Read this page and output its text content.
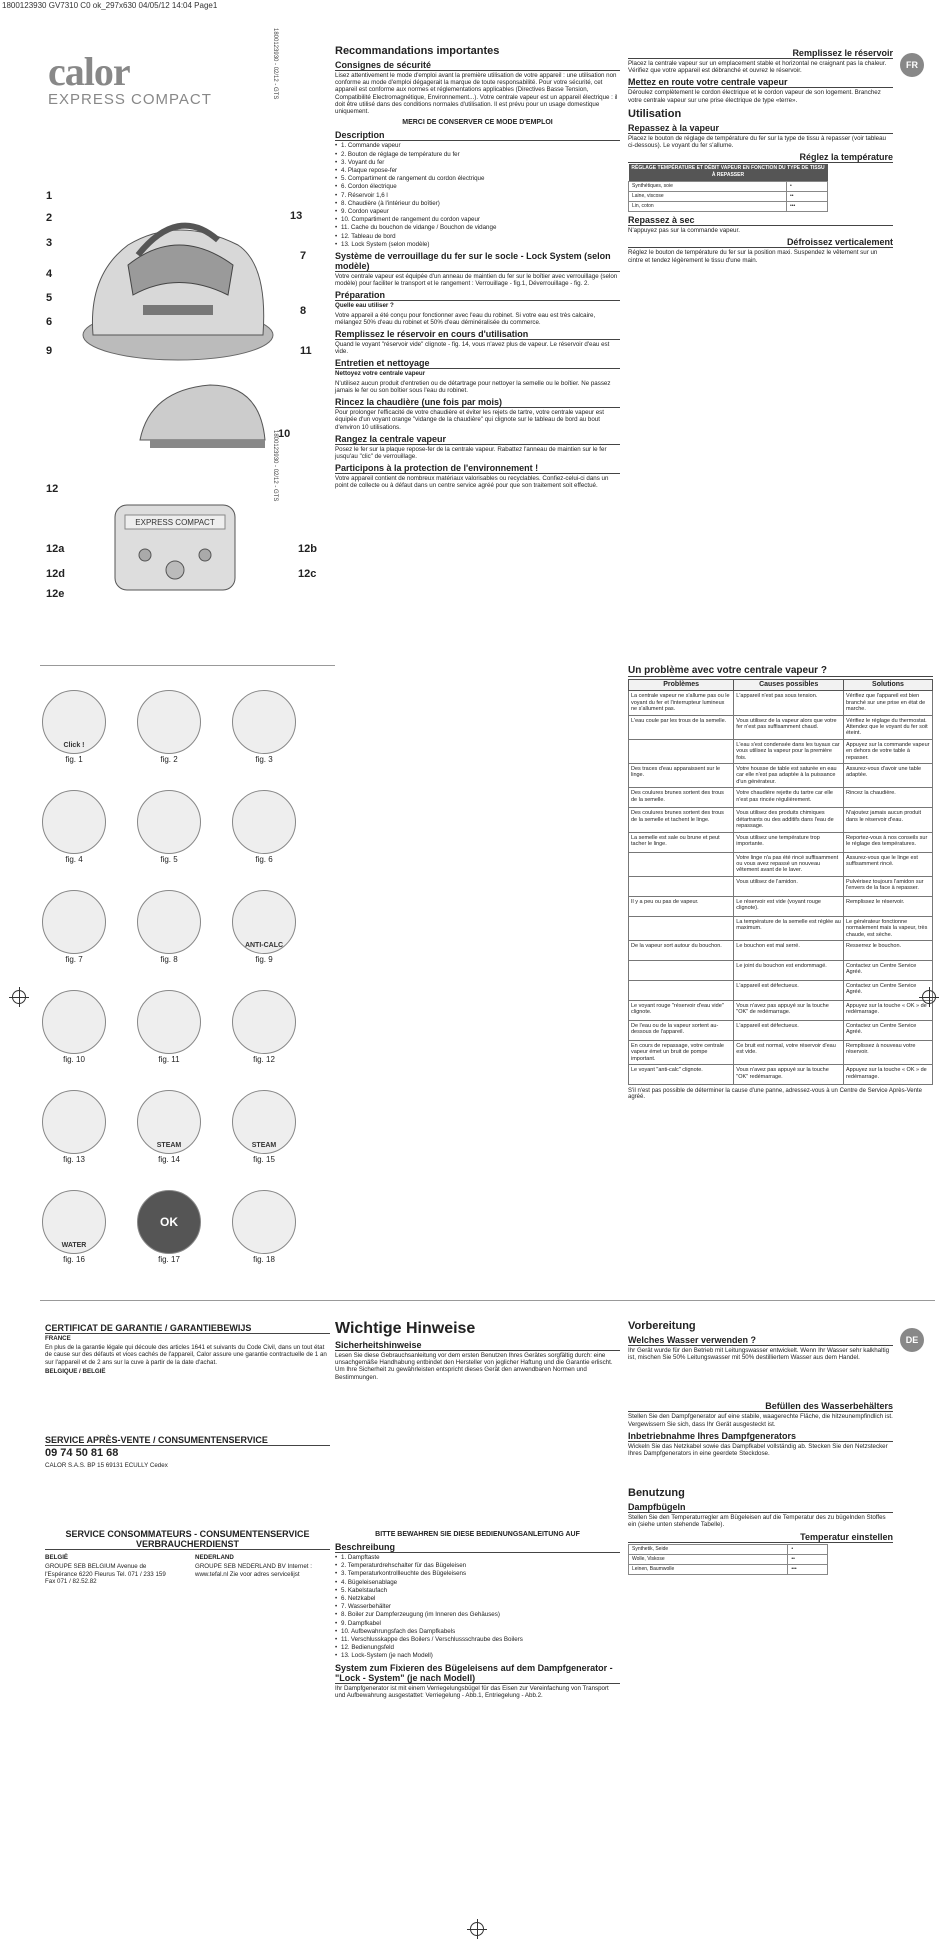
1800123930 GV7310 C0 ok_297x630 04/05/12 14:04 Page1
calor
EXPRESS COMPACT
1800123930 - 02/12 - GTS
1800123930 - 02/12 - GTS
EXPRESS COMPACT
1
2
3
4
5
6
9
13
7
8
11
10
12
12a	12b
12d	12c
12e
Click !
fig. 1	fig. 2	fig. 3
fig. 4	fig. 5	fig. 6
fig. 7	fig. 8
ANTI-CALC
fig. 9
fig. 10	fig. 11	fig. 12
fig. 13
STEAM
fig. 14
STEAM
fig. 15
WATER
fig. 16
OK
fig. 17	fig. 18
Recommandations importantes
Consignes de sécurité

Lisez attentivement le mode d'emploi avant la première utilisation de votre appareil : une utilisation non conforme au mode d'emploi dégagerait la marque de toute responsabilité. Pour votre sécurité, cet appareil est conforme aux normes et réglementations applicables (Directives Basse Tension, Compatibilité Electromagnétique, Environnement...). Votre centrale vapeur est un appareil électrique : il doit être utilisé dans des conditions normales d'utilisation. Il est prévu pour un usage domestique uniquement.

MERCI DE CONSERVER CE MODE D'EMPLOI
Description
• 1. Commande vapeur
• 2. Bouton de réglage de température du fer
• 3. Voyant du fer
• 4. Plaque repose-fer
• 5. Compartiment de rangement du cordon électrique
• 6. Cordon électrique
• 7. Réservoir 1,6 l
• 8. Chaudière (à l'intérieur du boîtier)
• 9. Cordon vapeur
• 10. Compartiment de rangement du cordon vapeur
• 11. Cache du bouchon de vidange / Bouchon de vidange
• 12. Tableau de bord
• 13. Lock System (selon modèle)
Système de verrouillage du fer sur le socle - Lock System (selon modèle)

Votre centrale vapeur est équipée d'un anneau de maintien du fer sur le boîtier avec verrouillage (selon modèle) pour faciliter le transport et le rangement : Verrouillage - fig.1, Déverrouillage - fig. 2.

Préparation

Quelle eau utiliser ?

Votre appareil a été conçu pour fonctionner avec l'eau du robinet. Si votre eau est très calcaire, mélangez 50% d'eau du robinet et 50% d'eau déminéralisée du commerce.

Remplissez le réservoir en cours d'utilisation

Quand le voyant "réservoir vide" clignote - fig. 14, vous n'avez plus de vapeur. Le réservoir d'eau est vide.

Entretien et nettoyage

Nettoyez votre centrale vapeur

N'utilisez aucun produit d'entretien ou de détartrage pour nettoyer la semelle ou le boîtier. Ne passez jamais le fer ou son boîtier sous l'eau du robinet.

Rincez la chaudière (une fois par mois)

Pour prolonger l'efficacité de votre chaudière et éviter les rejets de tartre, votre centrale vapeur est équipée d'un voyant orange "vidange de la chaudière" qui clignote sur le tableau de bord au bout d'environ 10 utilisations.

Rangez la centrale vapeur

Posez le fer sur la plaque repose-fer de la centrale vapeur. Rabattez l'anneau de maintien sur le fer jusqu'au "clic" de verrouillage.

Participons à la protection de l'environnement !

Votre appareil contient de nombreux matériaux valorisables ou recyclables. Confiez-celui-ci dans un point de collecte ou à défaut dans un centre service agréé pour que son traitement soit effectué.

FR
Remplissez le réservoir

Placez la centrale vapeur sur un emplacement stable et horizontal ne craignant pas la chaleur. Vérifiez que votre appareil est débranché et ouvrez le réservoir.

Mettez en route votre centrale vapeur

Déroulez complètement le cordon électrique et le cordon vapeur de son logement. Branchez votre centrale vapeur sur une prise électrique de type «terre».

Utilisation
Repassez à la vapeur

Placez le bouton de réglage de température du fer sur la type de tissu à repasser (voir tableau ci-dessous). Le voyant du fer s'allume.

Réglez la température
RÉGLAGE TEMPÉRATURE ET DÉBIT VAPEUR EN FONCTION DU TYPE DE TISSU À REPASSER	
Synthétiques, soie	•
Laine, viscose	••
Lin, coton	•••
Repassez à sec

N'appuyez pas sur la commande vapeur.

Défroissez verticalement

Réglez le bouton de température du fer sur la position maxi. Suspendez le vêtement sur un cintre et tendez légèrement le tissu d'une main.

Un problème avec votre centrale vapeur ?
Problèmes	Causes possibles	Solutions
La centrale vapeur ne s'allume pas ou le voyant du fer et l'interrupteur lumineux ne s'allument pas.	L'appareil n'est pas sous tension.	Vérifiez que l'appareil est bien branché sur une prise en état de marche.
L'eau coule par les trous de la semelle.	Vous utilisez de la vapeur alors que votre fer n'est pas suffisamment chaud.	Vérifiez le réglage du thermostat. Attendez que le voyant du fer soit éteint.
	L'eau s'est condensée dans les tuyaux car vous utilisez la vapeur pour la première fois.	Appuyez sur la commande vapeur en dehors de votre table à repasser.
Des traces d'eau apparaissent sur le linge.	Votre housse de table est saturée en eau car elle n'est pas adaptée à la puissance d'un générateur.	Assurez-vous d'avoir une table adaptée.
Des coulures brunes sortent des trous de la semelle.	Votre chaudière rejette du tartre car elle n'est pas rincée régulièrement.	Rincez la chaudière.
Des coulures brunes sortent des trous de la semelle et tachent le linge.	Vous utilisez des produits chimiques détartrants ou des additifs dans l'eau de repassage.	N'ajoutez jamais aucun produit dans le réservoir d'eau.
La semelle est sale ou brune et peut tacher le linge.	Vous utilisez une température trop importante.	Reportez-vous à nos conseils sur le réglage des températures.
	Votre linge n'a pas été rincé suffisamment ou vous avez repassé un nouveau vêtement avant de le laver.	Assurez-vous que le linge est suffisamment rincé.
	Vous utilisez de l'amidon.	Pulvérisez toujours l'amidon sur l'envers de la face à repasser.
Il y a peu ou pas de vapeur.	Le réservoir est vide (voyant rouge clignote).	Remplissez le réservoir.
	La température de la semelle est réglée au maximum.	Le générateur fonctionne normalement mais la vapeur, très chaude, est sèche.
De la vapeur sort autour du bouchon.	Le bouchon est mal serré.	Resserrez le bouchon.
	Le joint du bouchon est endommagé.	Contactez un Centre Service Agréé.
	L'appareil est défectueux.	Contactez un Centre Service Agréé.
Le voyant rouge "réservoir d'eau vide" clignote.	Vous n'avez pas appuyé sur la touche "OK" de redémarrage.	Appuyez sur la touche « OK » de redémarrage.
De l'eau ou de la vapeur sortent au-dessous de l'appareil.	L'appareil est défectueux.	Contactez un Centre Service Agréé.
En cours de repassage, votre centrale vapeur émet un bruit de pompe important.	Ce bruit est normal, votre réservoir d'eau est vide.	Remplissez à nouveau votre réservoir.
Le voyant "anti-calc" clignote.	Vous n'avez pas appuyé sur la touche "OK" redémarrage.	Appuyez sur la touche « OK » de redémarrage.

S'il n'est pas possible de déterminer la cause d'une panne, adressez-vous à un Centre de Service Après-Vente agréé.

CERTIFICAT DE GARANTIE / GARANTIEBEWIJS

FRANCE

En plus de la garantie légale qui découle des articles 1641 et suivants du Code Civil, dans un tout état de cause sur des défauts et vices cachés de l'appareil, Calor assure une garantie contractuelle de 1 an sur l'appareil et de 2 ans sur la cuve à partir de la date d'achat.

BELGIQUE / BELGIË

SERVICE APRÈS-VENTE / CONSUMENTENSERVICE

09 74 50 81 68

CALOR S.A.S. BP 15 69131 ECULLY Cedex

SERVICE CONSOMMATEURS - CONSUMENTENSERVICE VERBRAUCHERDIENST

BELGIË

GROUPE SEB BELGIUM Avenue de l'Espérance 6220 Fleurus Tel. 071 / 233 159 Fax 071 / 82.52.82

NEDERLAND

GROUPE SEB NEDERLAND BV Internet : www.tefal.nl Zie voor adres servicelijst

Wichtige Hinweise
Sicherheitshinweise

Lesen Sie diese Gebrauchsanleitung vor dem ersten Benutzen Ihres Gerätes sorgfältig durch: eine unsachgemäße Handhabung entbindet den Hersteller von jeglicher Haftung und die Garantie erlischt. Um Ihre Sicherheit zu gewährleisten entspricht dieses Gerät den anwendbaren Normen und Bestimmungen.

BITTE BEWAHREN SIE DIESE BEDIENUNGSANLEITUNG AUF
Beschreibung
• 1. Dampftaste
• 2. Temperaturdrehschalter für das Bügeleisen
• 3. Temperaturkontrollleuchte des Bügeleisens
• 4. Bügeleisenablage
• 5. Kabelstaufach
• 6. Netzkabel
• 7. Wasserbehälter
• 8. Boiler zur Dampferzeugung (im Inneren des Gehäuses)
• 9. Dampfkabel
• 10. Aufbewahrungsfach des Dampfkabels
• 11. Verschlusskappe des Boilers / Verschlussschraube des Boilers
• 12. Bedienungsfeld
• 13. Lock-System (je nach Modell)
System zum Fixieren des Bügeleisens auf dem Dampfgenerator - "Lock - System" (je nach Modell)

Ihr Dampfgenerator ist mit einem Verriegelungsbügel für das Eisen zur Vereinfachung von Transport und Aufbewahrung ausgestattet: Verriegelung - Abb.1, Entriegelung - Abb.2.

DE
Vorbereitung
Welches Wasser verwenden ?

Ihr Gerät wurde für den Betrieb mit Leitungswasser entwickelt. Wenn Ihr Wasser sehr kalkhaltig ist, mischen Sie 50% Leitungswasser mit 50% destilliertem Wasser aus dem Handel.

Befüllen des Wasserbehälters

Stellen Sie den Dampfgenerator auf eine stabile, waagerechte Fläche, die hitzeunempfindlich ist. Vergewissern Sie sich, dass Ihr Gerät ausgesteckt ist.

Inbetriebnahme Ihres Dampfgenerators

Wickeln Sie das Netzkabel sowie das Dampfkabel vollständig ab. Stecken Sie den Netzstecker Ihres Dampfgenerators in eine geerdete Steckdose.

Benutzung
Dampfbügeln

Stellen Sie den Temperaturregler am Bügeleisen auf die Temperatur des zu bügelnden Stoffes ein (siehe unten stehende Tabelle).

Temperatur einstellen
Synthetik, Seide	•
Wolle, Viskose	••
Leinen, Baumwolle	•••
